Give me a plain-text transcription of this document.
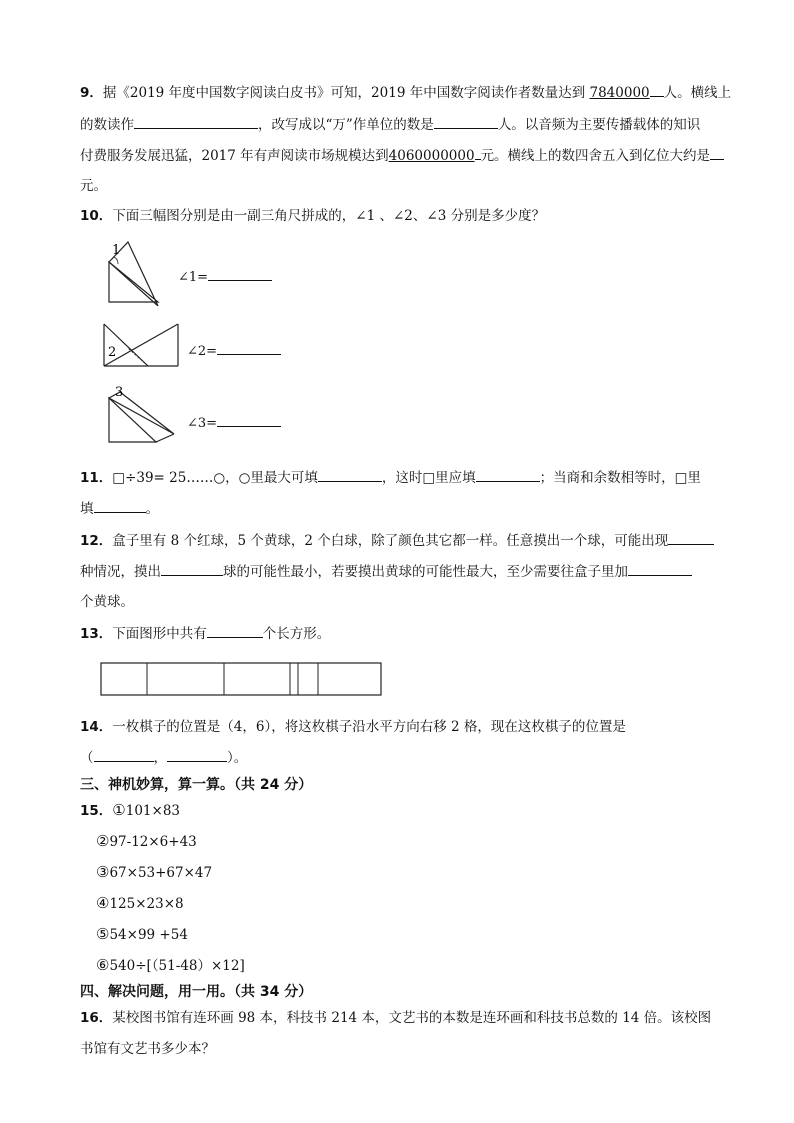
9．据《2019 年度中国数字阅读白皮书》可知，2019 年中国数字阅读作者数量达到 7840000 人。横线上
的数读作	，改写成以“万”作单位的数是	人。以音频为主要传播载体的知识
付费服务发展迅猛，2017 年有声阅读市场规模达到4060000000 元。横线上的数四舍五入到亿位大约是
元。
10．下面三幅图分别是由一副三角尺拼成的，∠1 、∠2、∠3 分别是多少度？
1
∠1=
2	∠2=
3
∠3=
11．□÷39= 25……○，○里最大可填	，这时□里应填	；当商和余数相等时，□里
填	。
12．盒子里有 8 个红球，5 个黄球，2 个白球，除了颜色其它都一样。任意摸出一个球，可能出现
种情况，摸出	球的可能性最小，若要摸出黄球的可能性最大，至少需要往盒子里加
个黄球。
13．下面图形中共有	个长方形。
14．一枚棋子的位置是（4，6），将这枚棋子沿水平方向右移 2 格，现在这枚棋子的位置是
（	，	）。
三、神机妙算，算一算。（共 24 分）
15．①101×83
②97-12×6+43
③67×53+67×47
④125×23×8
⑤54×99 +54
⑥540÷[（51-48）×12]
四、解决问题，用一用。（共 34 分）
16．某校图书馆有连环画 98 本，科技书 214 本，文艺书的本数是连环画和科技书总数的 14 倍。该校图
书馆有文艺书多少本？
